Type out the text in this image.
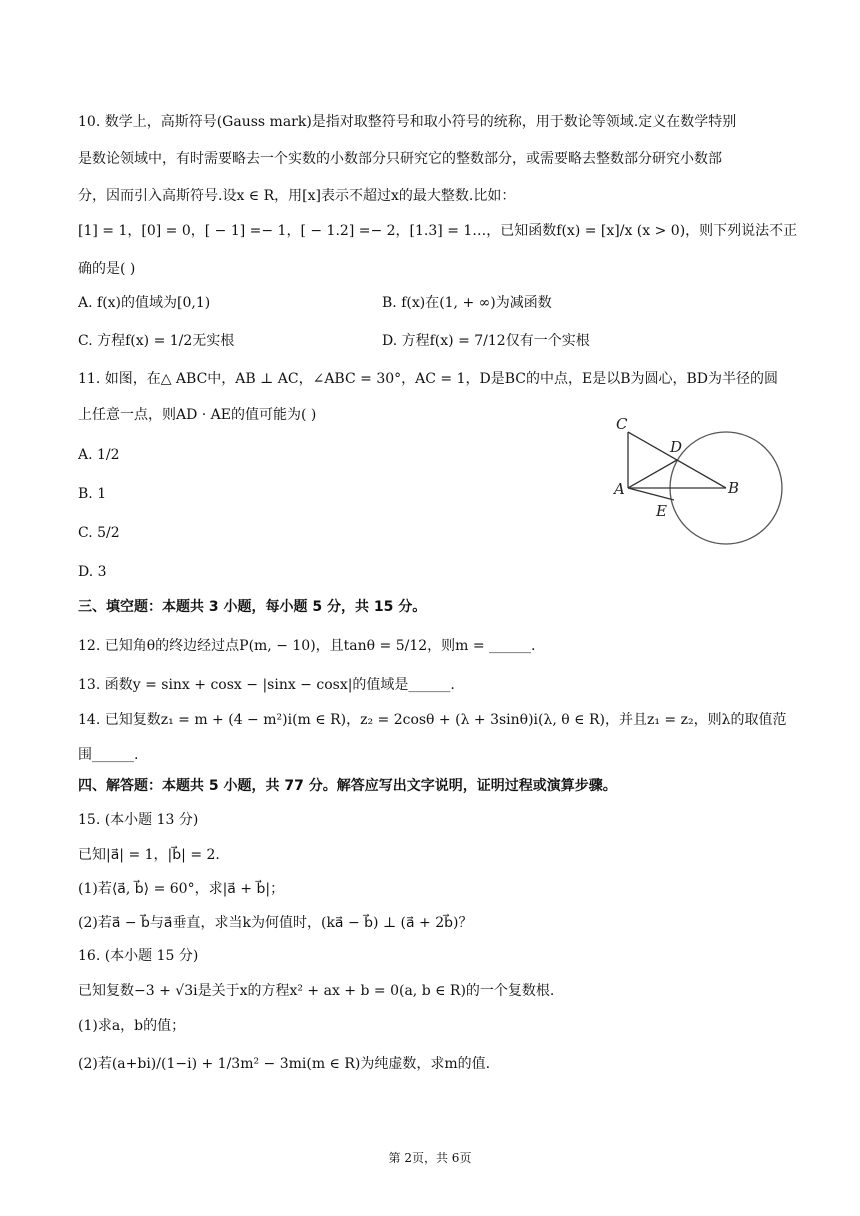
10. 数学上，高斯符号(Gauss mark)是指对取整符号和取小符号的统称，用于数论等领域.定义在数学特别
是数论领域中，有时需要略去一个实数的小数部分只研究它的整数部分，或需要略去整数部分研究小数部
分，因而引入高斯符号.设x ∈ R，用[x]表示不超过x的最大整数.比如：
[1] = 1，[0] = 0，[ − 1] =− 1，[ − 1.2] =− 2，[1.3] = 1…，已知函数f(x) = [x]/x (x > 0)，则下列说法不正
确的是( )
A. f(x)的值域为[0,1)	B. f(x)在(1, + ∞)为减函数
C. 方程f(x) = 1/2无实根	D. 方程f(x) = 7/12仅有一个实根
11. 如图，在△ ABC中，AB ⊥ AC，∠ABC = 30°，AC = 1，D是BC的中点，E是以B为圆心，BD为半径的圆
上任意一点，则AD · AE的值可能为( )
A. 1/2
B. 1
C. 5/2
D. 3
C
D
A	B
E
三、填空题：本题共 3 小题，每小题 5 分，共 15 分。
12. 已知角θ的终边经过点P(m, − 10)，且tanθ = 5/12，则m = ______.
13. 函数y = sinx + cosx − |sinx − cosx|的值域是______.
14. 已知复数z₁ = m + (4 − m²)i(m ∈ R)，z₂ = 2cosθ + (λ + 3sinθ)i(λ, θ ∈ R)，并且z₁ = z₂，则λ的取值范
围______.
四、解答题：本题共 5 小题，共 77 分。解答应写出文字说明，证明过程或演算步骤。
15. (本小题 13 分)
已知|a⃗| = 1，|b⃗| = 2.
(1)若⟨a⃗, b⃗⟩ = 60°，求|a⃗ + b⃗|；
(2)若a⃗ − b⃗与a⃗垂直，求当k为何值时，(ka⃗ − b⃗) ⊥ (a⃗ + 2b⃗)？
16. (本小题 15 分)
已知复数−3 + √3i是关于x的方程x² + ax + b = 0(a, b ∈ R)的一个复数根.
(1)求a，b的值；
(2)若(a+bi)/(1−i) + 1/3m² − 3mi(m ∈ R)为纯虚数，求m的值.
第 2页，共 6页
